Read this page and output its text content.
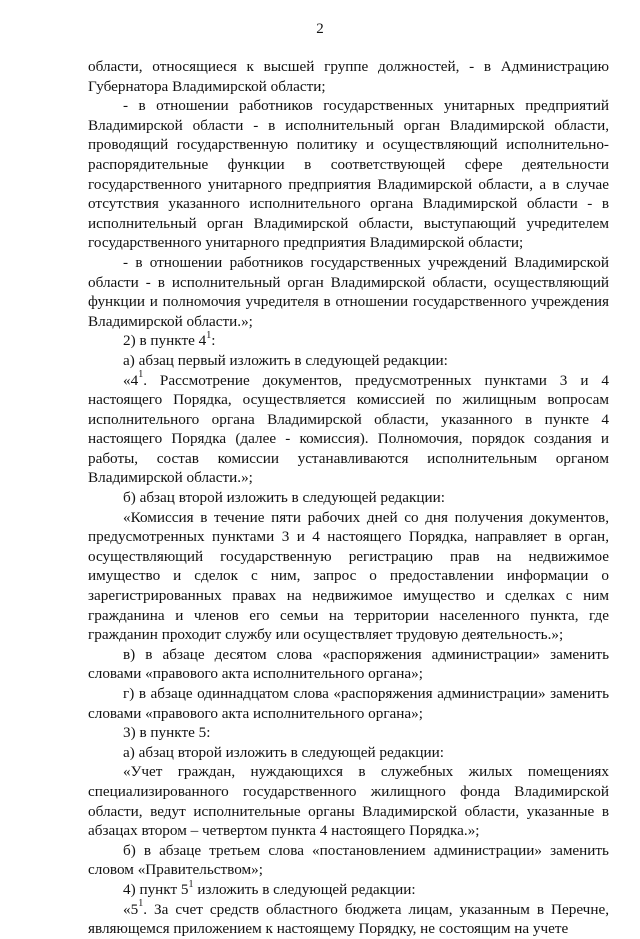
2

области, относящиеся к высшей группе должностей, - в Администрацию Губернатора Владимирской области;

- в отношении работников государственных унитарных предприятий Владимирской области - в исполнительный орган Владимирской области, проводящий государственную политику и осуществляющий исполнительно-распорядительные функции в соответствующей сфере деятельности государственного унитарного предприятия Владимирской области, а в случае отсутствия указанного исполнительного органа Владимирской области - в исполнительный орган Владимирской области, выступающий учредителем государственного унитарного предприятия Владимирской области;

- в отношении работников государственных учреждений Владимирской области - в исполнительный орган Владимирской области, осуществляющий функции и полномочия учредителя в отношении государственного учреждения Владимирской области.»;

2) в пункте $4^1$:

а) абзац первый изложить в следующей редакции:

«$4^1$. Рассмотрение документов, предусмотренных пунктами 3 и 4 настоящего Порядка, осуществляется комиссией по жилищным вопросам исполнительного органа Владимирской области, указанного в пункте 4 настоящего Порядка (далее - комиссия). Полномочия, порядок создания и работы, состав комиссии устанавливаются исполнительным органом Владимирской области.»;

б) абзац второй изложить в следующей редакции:

«Комиссия в течение пяти рабочих дней со дня получения документов, предусмотренных пунктами 3 и 4 настоящего Порядка, направляет в орган, осуществляющий государственную регистрацию прав на недвижимое имущество и сделок с ним, запрос о предоставлении информации о зарегистрированных правах на недвижимое имущество и сделках с ним гражданина и членов его семьи на территории населенного пункта, где гражданин проходит службу или осуществляет трудовую деятельность.»;

в) в абзаце десятом слова «распоряжения администрации» заменить словами «правового акта исполнительного органа»;

г) в абзаце одиннадцатом слова «распоряжения администрации» заменить словами «правового акта исполнительного органа»;

3) в пункте 5:

а) абзац второй изложить в следующей редакции:

«Учет граждан, нуждающихся в служебных жилых помещениях специализированного государственного жилищного фонда Владимирской области, ведут исполнительные органы Владимирской области, указанные в абзацах втором – четвертом пункта 4 настоящего Порядка.»;

б) в абзаце третьем слова «постановлением администрации» заменить словом «Правительством»;

4) пункт $5^1$ изложить в следующей редакции:

«$5^1$. За счет средств областного бюджета лицам, указанным в Перечне, являющемся приложением к настоящему Порядку, не состоящим на учете
